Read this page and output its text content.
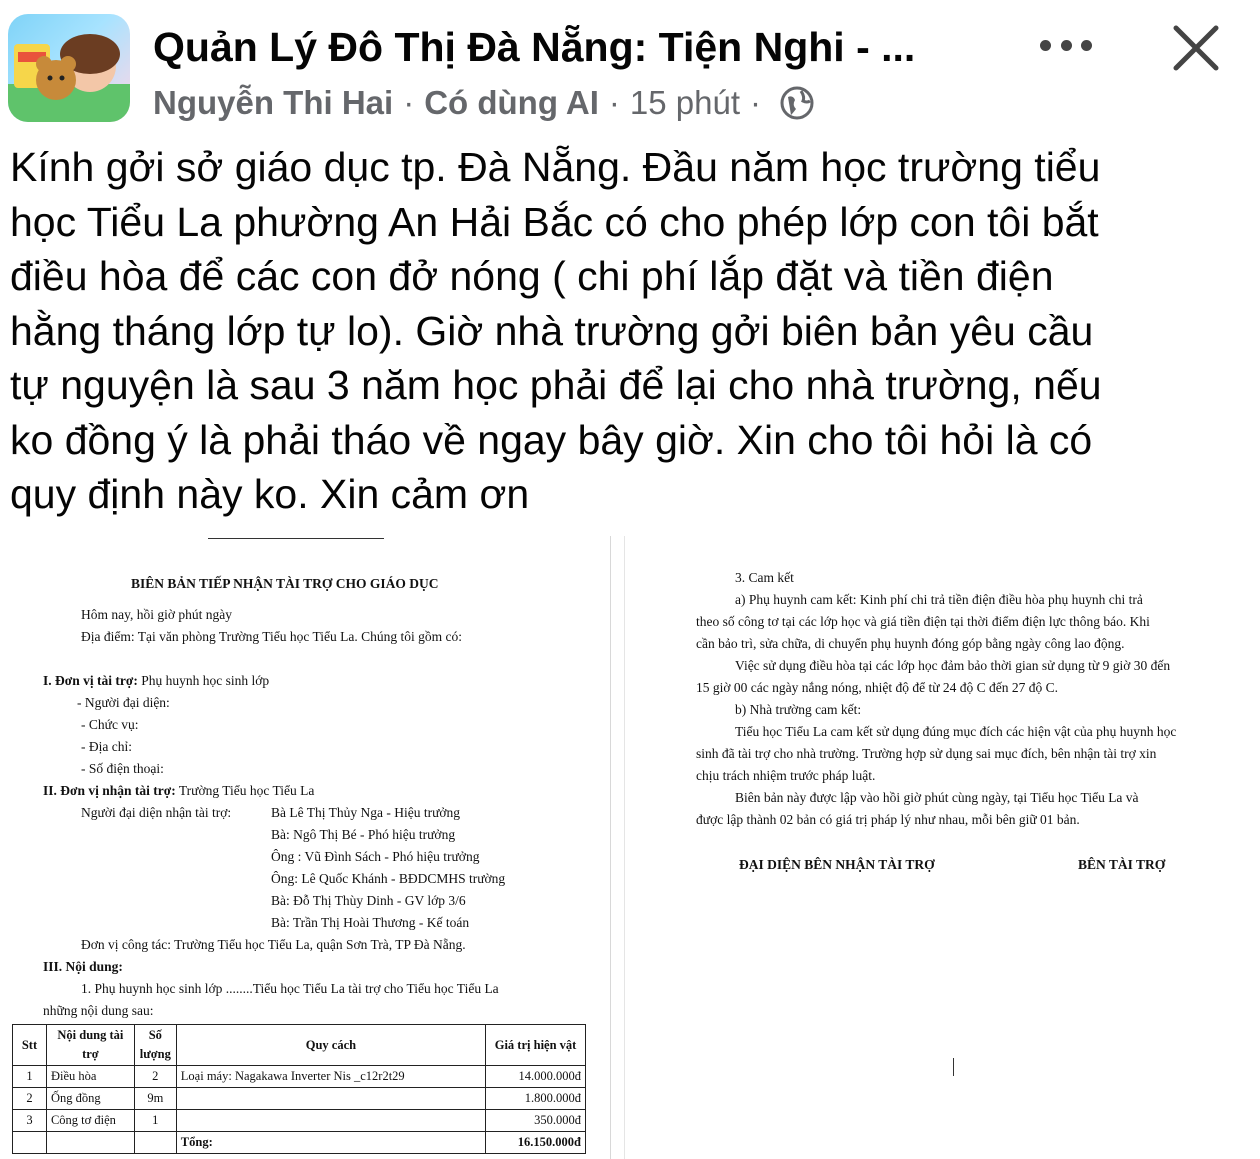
Quản Lý Đô Thị Đà Nẵng: Tiện Nghi - ...
Nguyễn Thi Hai · Có dùng AI · 15 phút ·
Kính gởi sở giáo dục tp. Đà Nẵng. Đầu năm học trường tiểu
học Tiểu La phường An Hải Bắc có cho phép lớp con tôi bắt
điều hòa để các con đở nóng ( chi phí lắp đặt và tiền điện
hằng tháng lớp tự lo). Giờ nhà trường gởi biên bản yêu cầu
tự nguyện là sau 3 năm học phải để lại cho nhà trường, nếu
ko đồng ý là phải tháo về ngay bây giờ. Xin cho tôi hỏi là có
quy định này ko. Xin cảm ơn
BIÊN BẢN TIẾP NHẬN TÀI TRỢ CHO GIÁO DỤC
Hôm nay, hồi giờ phút ngày
Địa điểm: Tại văn phòng Trường Tiểu học Tiểu La. Chúng tôi gồm có:
I. Đơn vị tài trợ: Phụ huynh học sinh lớp
- Người đại diện:
- Chức vụ:
- Địa chỉ:
- Số điện thoại:
II. Đơn vị nhận tài trợ: Trường Tiểu học Tiểu La
Người đại diện nhận tài trợ:	Bà Lê Thị Thủy Nga - Hiệu trưởng
Bà: Ngô Thị Bé - Phó hiệu trưởng
Ông : Vũ Đình Sách - Phó hiệu trưởng
Ông: Lê Quốc Khánh - BĐDCMHS trường
Bà: Đỗ Thị Thùy Dinh - GV lớp 3/6
Bà: Trần Thị Hoài Thương - Kế toán
Đơn vị công tác: Trường Tiểu học Tiểu La, quận Sơn Trà, TP Đà Nẵng.
III. Nội dung:
1. Phụ huynh học sinh lớp ........Tiểu học Tiểu La tài trợ cho Tiểu học Tiểu La
những nội dung sau:
Stt	Nội dung tài trợ	Số lượng	Quy cách	Giá trị hiện vật
1	Điều hòa	2	Loại máy: Nagakawa Inverter Nis _c12r2t29	14.000.000đ
2	Ống đồng	9m		1.800.000đ
3	Công tơ điện	1		350.000đ
			Tổng:	16.150.000đ
3. Cam kết
a) Phụ huynh cam kết: Kinh phí chi trả tiền điện điều hòa phụ huynh chi trả
theo số công tơ tại các lớp học và giá tiền điện tại thời điểm điện lực thông báo. Khi
cần bảo trì, sửa chữa, di chuyển phụ huynh đóng góp bằng ngày công lao động.
Việc sử dụng điều hòa tại các lớp học đảm bảo thời gian sử dụng từ 9 giờ 30 đến
15 giờ 00 các ngày nắng nóng, nhiệt độ để từ 24 độ C đến 27 độ C.
b) Nhà trường cam kết:
Tiểu học Tiểu La cam kết sử dụng đúng mục đích các hiện vật của phụ huynh học
sinh đã tài trợ cho nhà trường. Trường hợp sử dụng sai mục đích, bên nhận tài trợ xin
chịu trách nhiệm trước pháp luật.
Biên bản này được lập vào hồi giờ phút cùng ngày, tại Tiểu học Tiểu La và
được lập thành 02 bản có giá trị pháp lý như nhau, mỗi bên giữ 01 bản.
ĐẠI DIỆN BÊN NHẬN TÀI TRỢ	BÊN TÀI TRỢ
